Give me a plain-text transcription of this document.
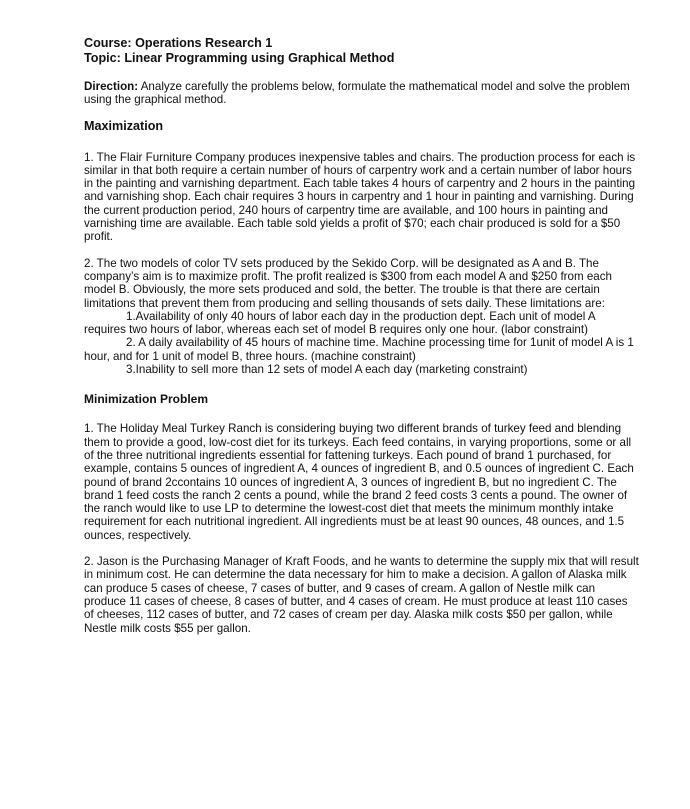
Course: Operations Research 1
Topic: Linear Programming using Graphical Method

Direction: Analyze carefully the problems below, formulate the mathematical model and solve the problem using the graphical method.

Maximization

1. The Flair Furniture Company produces inexpensive tables and chairs. The production process for each is similar in that both require a certain number of hours of carpentry work and a certain number of labor hours in the painting and varnishing department. Each table takes 4 hours of carpentry and 2 hours in the painting and varnishing shop. Each chair requires 3 hours in carpentry and 1 hour in painting and varnishing. During the current production period, 240 hours of carpentry time are available, and 100 hours in painting and varnishing time are available. Each table sold yields a profit of $70; each chair produced is sold for a $50 profit.

2. The two models of color TV sets produced by the Sekido Corp. will be designated as A and B. The company’s aim is to maximize profit. The profit realized is $300 from each model A and $250 from each model B. Obviously, the more sets produced and sold, the better. The trouble is that there are certain limitations that prevent them from producing and selling thousands of sets daily. These limitations are:

1.Availability of only 40 hours of labor each day in the production dept. Each unit of model A requires two hours of labor, whereas each set of model B requires only one hour. (labor constraint)

2. A daily availability of 45 hours of machine time. Machine processing time for 1unit of model A is 1 hour, and for 1 unit of model B, three hours. (machine constraint)

3.Inability to sell more than 12 sets of model A each day (marketing constraint)

Minimization Problem

1. The Holiday Meal Turkey Ranch is considering buying two different brands of turkey feed and blending them to provide a good, low-cost diet for its turkeys. Each feed contains, in varying proportions, some or all of the three nutritional ingredients essential for fattening turkeys. Each pound of brand 1 purchased, for example, contains 5 ounces of ingredient A, 4 ounces of ingredient B, and 0.5 ounces of ingredient C. Each pound of brand 2ccontains 10 ounces of ingredient A, 3 ounces of ingredient B, but no ingredient C. The brand 1 feed costs the ranch 2 cents a pound, while the brand 2 feed costs 3 cents a pound. The owner of the ranch would like to use LP to determine the lowest-cost diet that meets the minimum monthly intake requirement for each nutritional ingredient. All ingredients must be at least 90 ounces, 48 ounces, and 1.5 ounces, respectively.

2. Jason is the Purchasing Manager of Kraft Foods, and he wants to determine the supply mix that will result in minimum cost. He can determine the data necessary for him to make a decision. A gallon of Alaska milk can produce 5 cases of cheese, 7 cases of butter, and 9 cases of cream. A gallon of Nestle milk can produce 11 cases of cheese, 8 cases of butter, and 4 cases of cream. He must produce at least 110 cases of cheeses, 112 cases of butter, and 72 cases of cream per day. Alaska milk costs $50 per gallon, while Nestle milk costs $55 per gallon.
